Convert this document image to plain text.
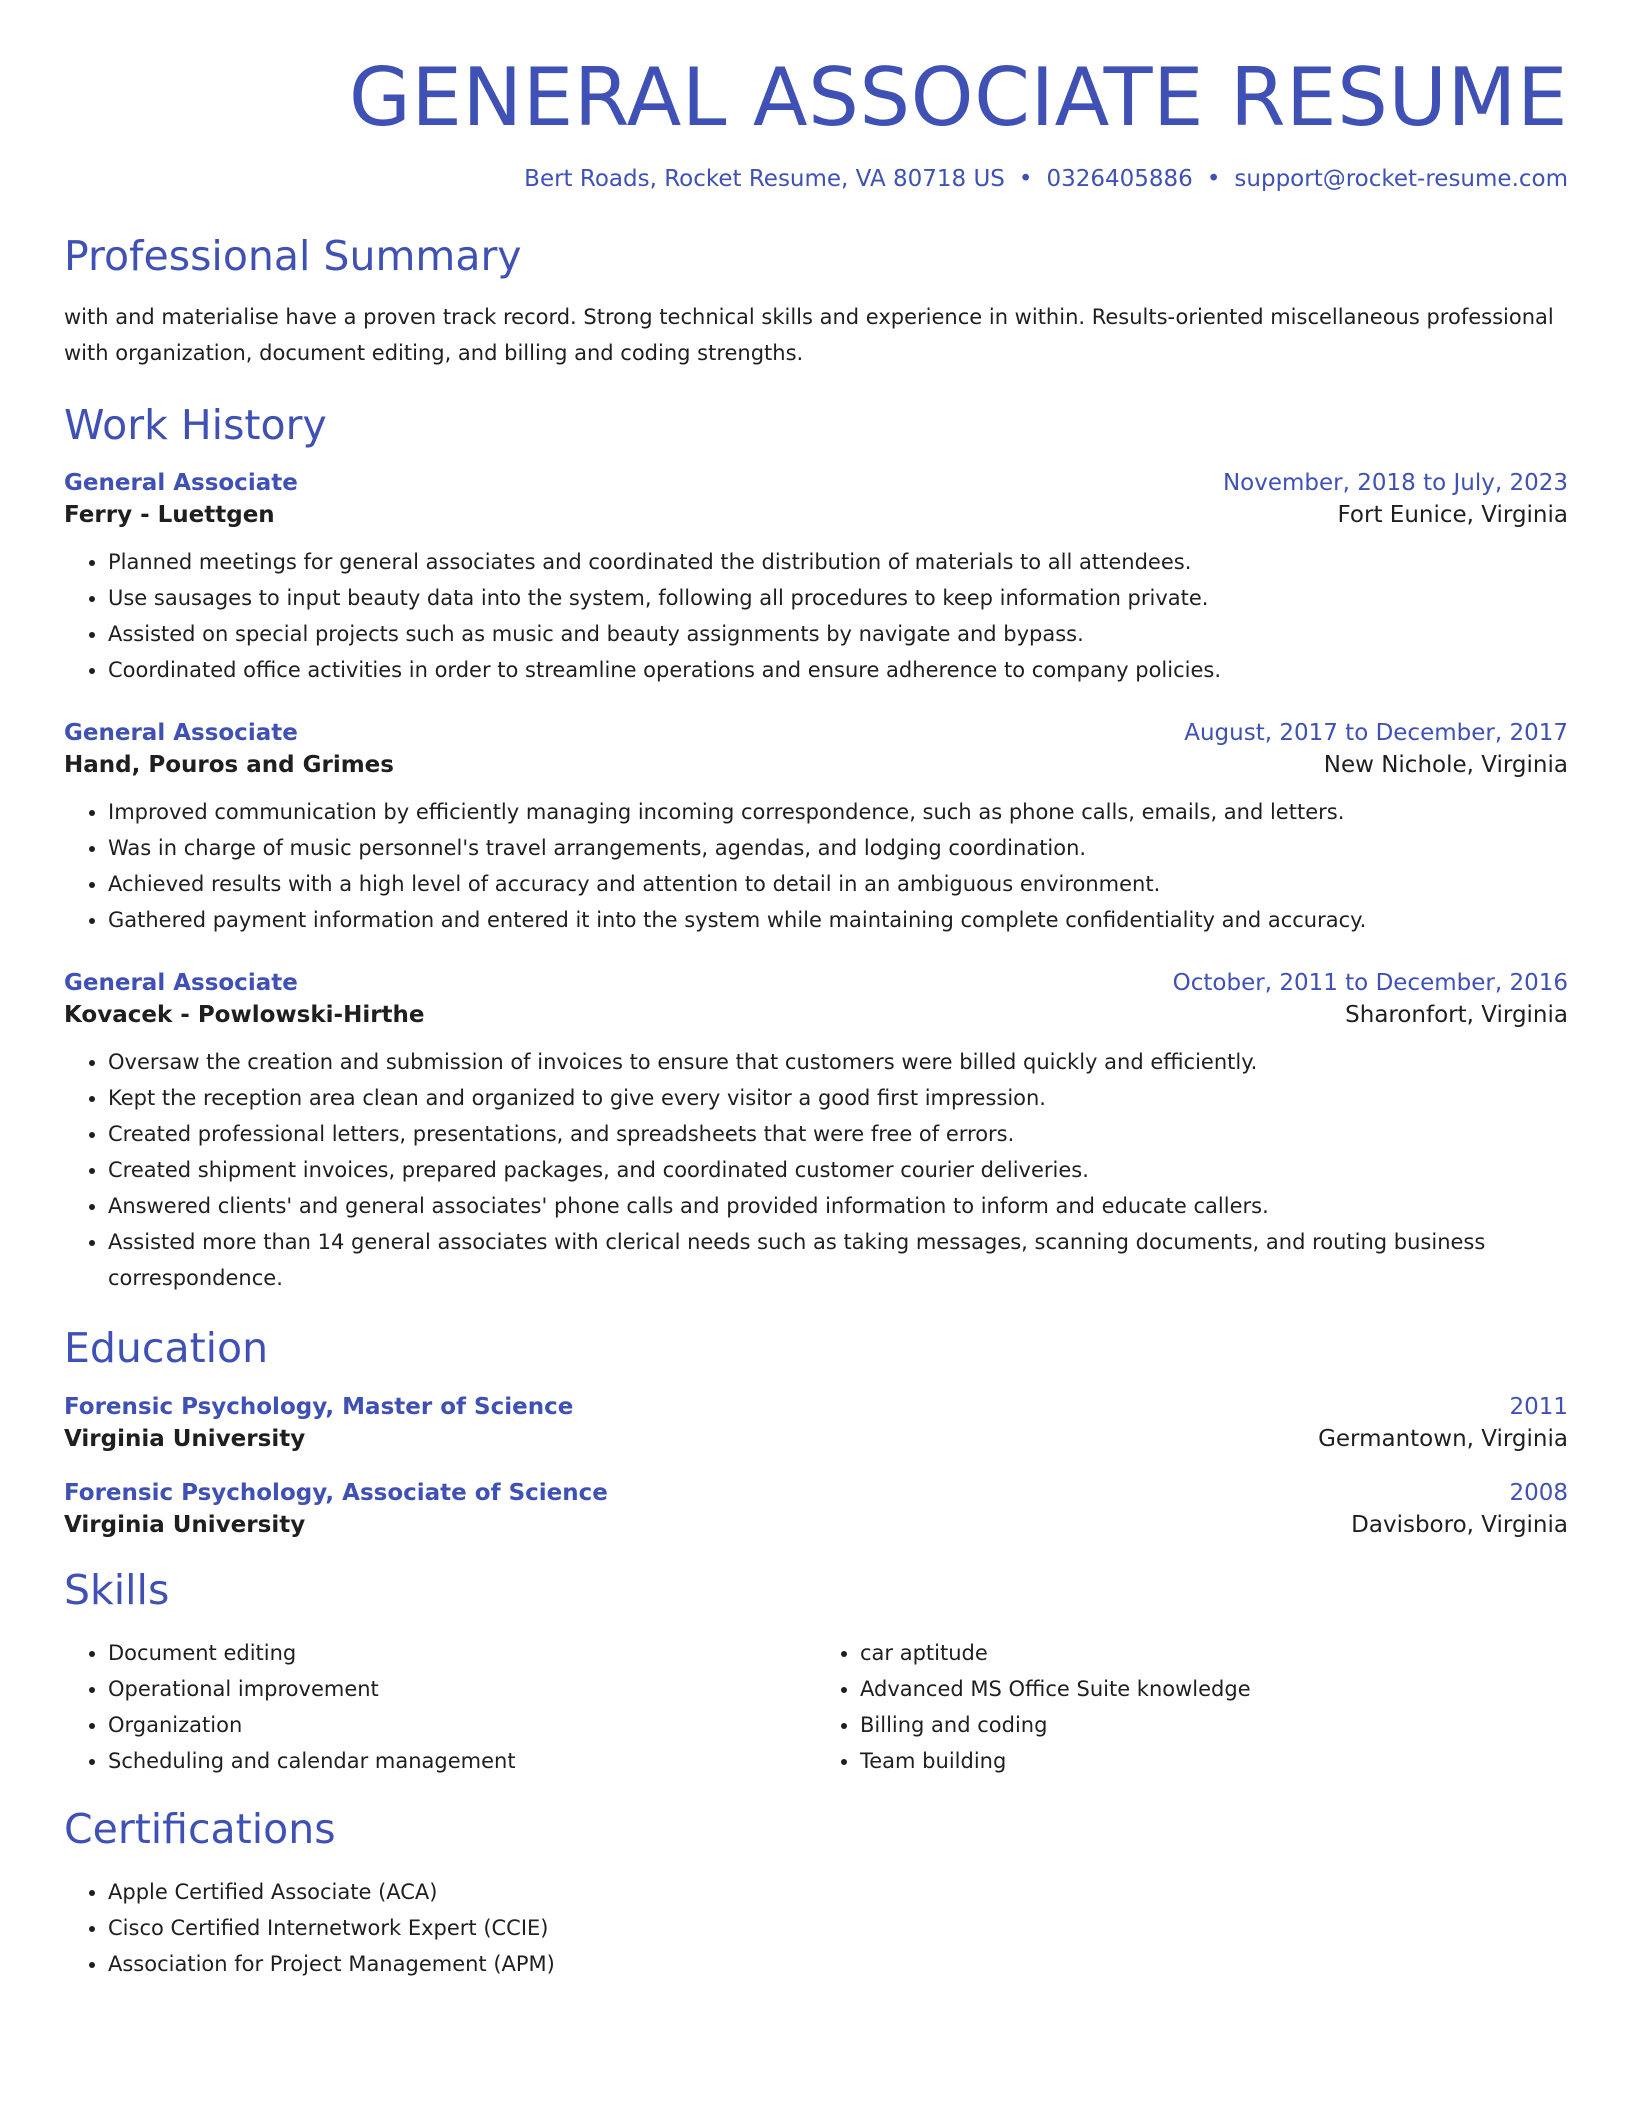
GENERAL ASSOCIATE RESUME
Bert Roads, Rocket Resume, VA 80718 US • 0326405886 • support@rocket-resume.com
Professional Summary
with and materialise have a proven track record. Strong technical skills and experience in within. Results-oriented miscellaneous professional with organization, document editing, and billing and coding strengths.
Work History
General Associate	November, 2018 to July, 2023
Ferry - Luettgen	Fort Eunice, Virginia
• Planned meetings for general associates and coordinated the distribution of materials to all attendees.
• Use sausages to input beauty data into the system, following all procedures to keep information private.
• Assisted on special projects such as music and beauty assignments by navigate and bypass.
• Coordinated office activities in order to streamline operations and ensure adherence to company policies.
General Associate	August, 2017 to December, 2017
Hand, Pouros and Grimes	New Nichole, Virginia
• Improved communication by efficiently managing incoming correspondence, such as phone calls, emails, and letters.
• Was in charge of music personnel's travel arrangements, agendas, and lodging coordination.
• Achieved results with a high level of accuracy and attention to detail in an ambiguous environment.
• Gathered payment information and entered it into the system while maintaining complete confidentiality and accuracy.
General Associate	October, 2011 to December, 2016
Kovacek - Powlowski-Hirthe	Sharonfort, Virginia
• Oversaw the creation and submission of invoices to ensure that customers were billed quickly and efficiently.
• Kept the reception area clean and organized to give every visitor a good first impression.
• Created professional letters, presentations, and spreadsheets that were free of errors.
• Created shipment invoices, prepared packages, and coordinated customer courier deliveries.
• Answered clients' and general associates' phone calls and provided information to inform and educate callers.
• Assisted more than 14 general associates with clerical needs such as taking messages, scanning documents, and routing business correspondence.
Education
Forensic Psychology, Master of Science	2011
Virginia University	Germantown, Virginia
Forensic Psychology, Associate of Science	2008
Virginia University	Davisboro, Virginia
Skills
• Document editing
• Operational improvement
• Organization
• Scheduling and calendar management
• car aptitude
• Advanced MS Office Suite knowledge
• Billing and coding
• Team building
Certifications
• Apple Certified Associate (ACA)
• Cisco Certified Internetwork Expert (CCIE)
• Association for Project Management (APM)
